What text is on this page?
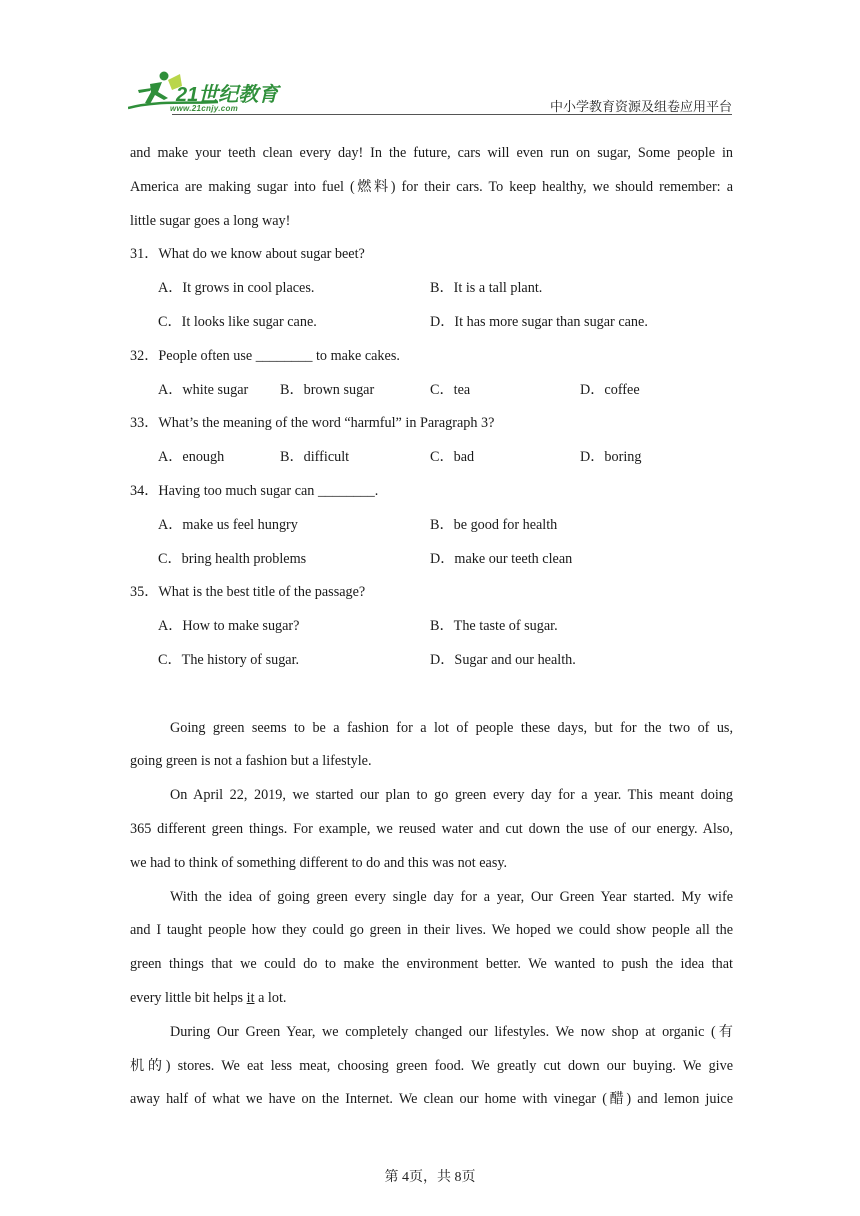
21世纪教育
www.21cnjy.com	中小学教育资源及组卷应用平台
and make your teeth clean every day! In the future, cars will even run on sugar, Some people in
America are making sugar into fuel (燃料) for their cars. To keep healthy, we should remember: a
little sugar goes a long way!
31．What do we know about sugar beet?
A．It grows in cool places.	B．It is a tall plant.
C．It looks like sugar cane.	D．It has more sugar than sugar cane.
32．People often use ________ to make cakes.
A．white sugar B．brown sugar	C．tea	D．coffee
33．What’s the meaning of the word “harmful” in Paragraph 3?
A．enough	B．difficult	C．bad	D．boring
34．Having too much sugar can ________.
A．make us feel hungry	B．be good for health
C．bring health problems	D．make our teeth clean
35．What is the best title of the passage?
A．How to make sugar?	B．The taste of sugar.
C．The history of sugar.	D．Sugar and our health.
Going green seems to be a fashion for a lot of people these days, but for the two of us,
going green is not a fashion but a lifestyle.
On April 22, 2019, we started our plan to go green every day for a year. This meant doing
365 different green things. For example, we reused water and cut down the use of our energy. Also,
we had to think of something different to do and this was not easy.
With the idea of going green every single day for a year, Our Green Year started. My wife
and I taught people how they could go green in their lives. We hoped we could show people all the
green things that we could do to make the environment better. We wanted to push the idea that
every little bit helps it a lot.
During Our Green Year, we completely changed our lifestyles. We now shop at organic (有
机的) stores. We eat less meat, choosing green food. We greatly cut down our buying. We give
away half of what we have on the Internet. We clean our home with vinegar (醋) and lemon juice
第 4页，共 8页
